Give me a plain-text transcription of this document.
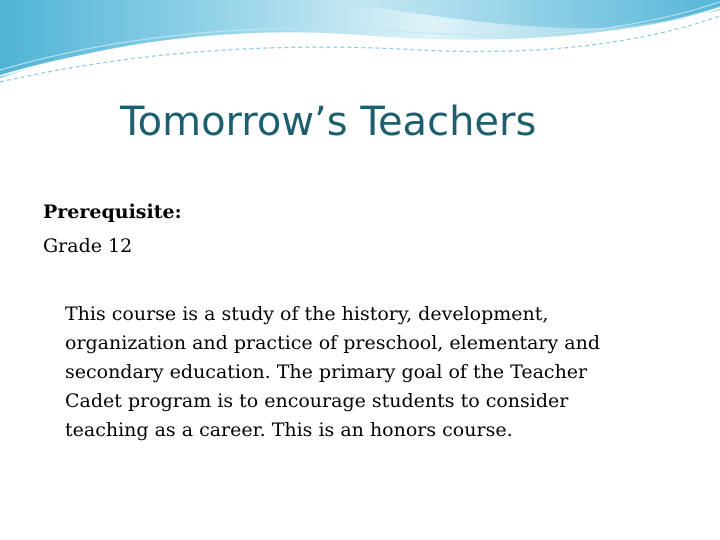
Tomorrow’s Teachers

Prerequisite:

Grade 12

This course is a study of the history, development,
organization and practice of preschool, elementary and
secondary education. The primary goal of the Teacher
Cadet program is to encourage students to consider
teaching as a career. This is an honors course.
